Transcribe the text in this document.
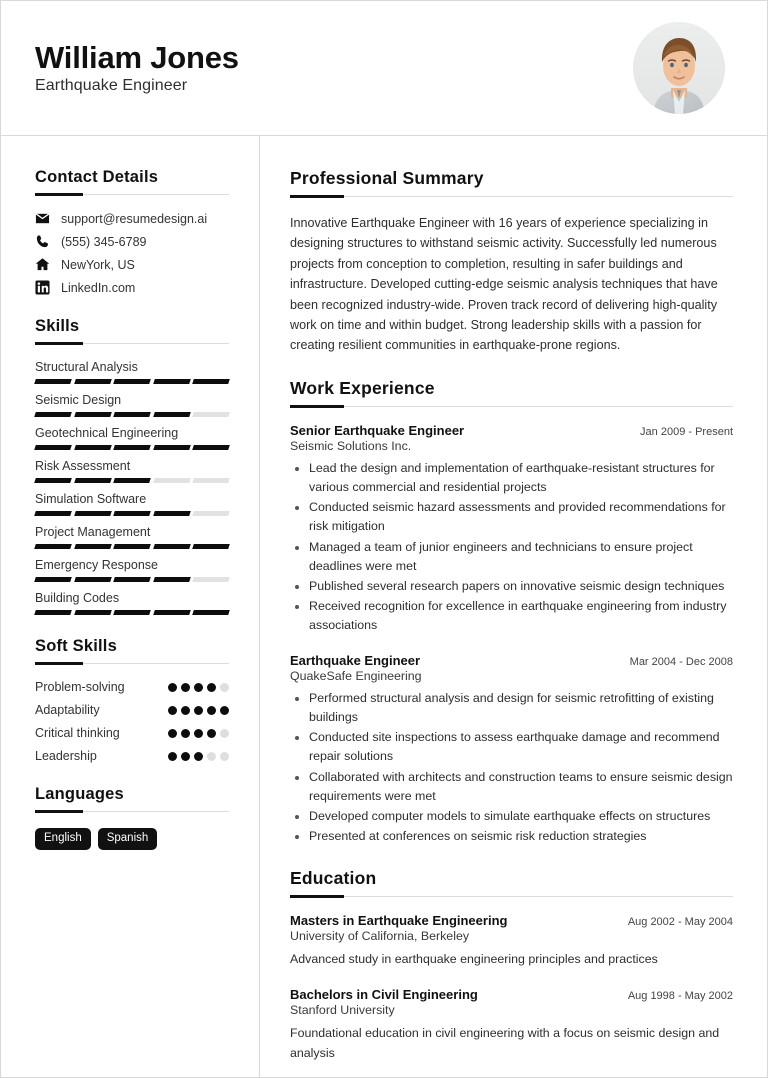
William Jones
Earthquake Engineer
Contact Details
support@resumedesign.ai
(555) 345-6789
NewYork, US
LinkedIn.com
Skills
Structural Analysis
Seismic Design
Geotechnical Engineering
Risk Assessment
Simulation Software
Project Management
Emergency Response
Building Codes
Soft Skills
Problem-solving
Adaptability
Critical thinking
Leadership
Languages
English	Spanish
Professional Summary
Innovative Earthquake Engineer with 16 years of experience specializing in designing structures to withstand seismic activity. Successfully led numerous projects from conception to completion, resulting in safer buildings and infrastructure. Developed cutting-edge seismic analysis techniques that have been recognized industry-wide. Proven track record of delivering high-quality work on time and within budget. Strong leadership skills with a passion for creating resilient communities in earthquake-prone regions.
Work Experience
Senior Earthquake Engineer	Jan 2009 - Present
Seismic Solutions Inc.
• Lead the design and implementation of earthquake-resistant structures for various commercial and residential projects
• Conducted seismic hazard assessments and provided recommendations for risk mitigation
• Managed a team of junior engineers and technicians to ensure project deadlines were met
• Published several research papers on innovative seismic design techniques
• Received recognition for excellence in earthquake engineering from industry associations
Earthquake Engineer	Mar 2004 - Dec 2008
QuakeSafe Engineering
• Performed structural analysis and design for seismic retrofitting of existing buildings
• Conducted site inspections to assess earthquake damage and recommend repair solutions
• Collaborated with architects and construction teams to ensure seismic design requirements were met
• Developed computer models to simulate earthquake effects on structures
• Presented at conferences on seismic risk reduction strategies
Education
Masters in Earthquake Engineering	Aug 2002 - May 2004
University of California, Berkeley
Advanced study in earthquake engineering principles and practices
Bachelors in Civil Engineering	Aug 1998 - May 2002
Stanford University
Foundational education in civil engineering with a focus on seismic design and analysis
